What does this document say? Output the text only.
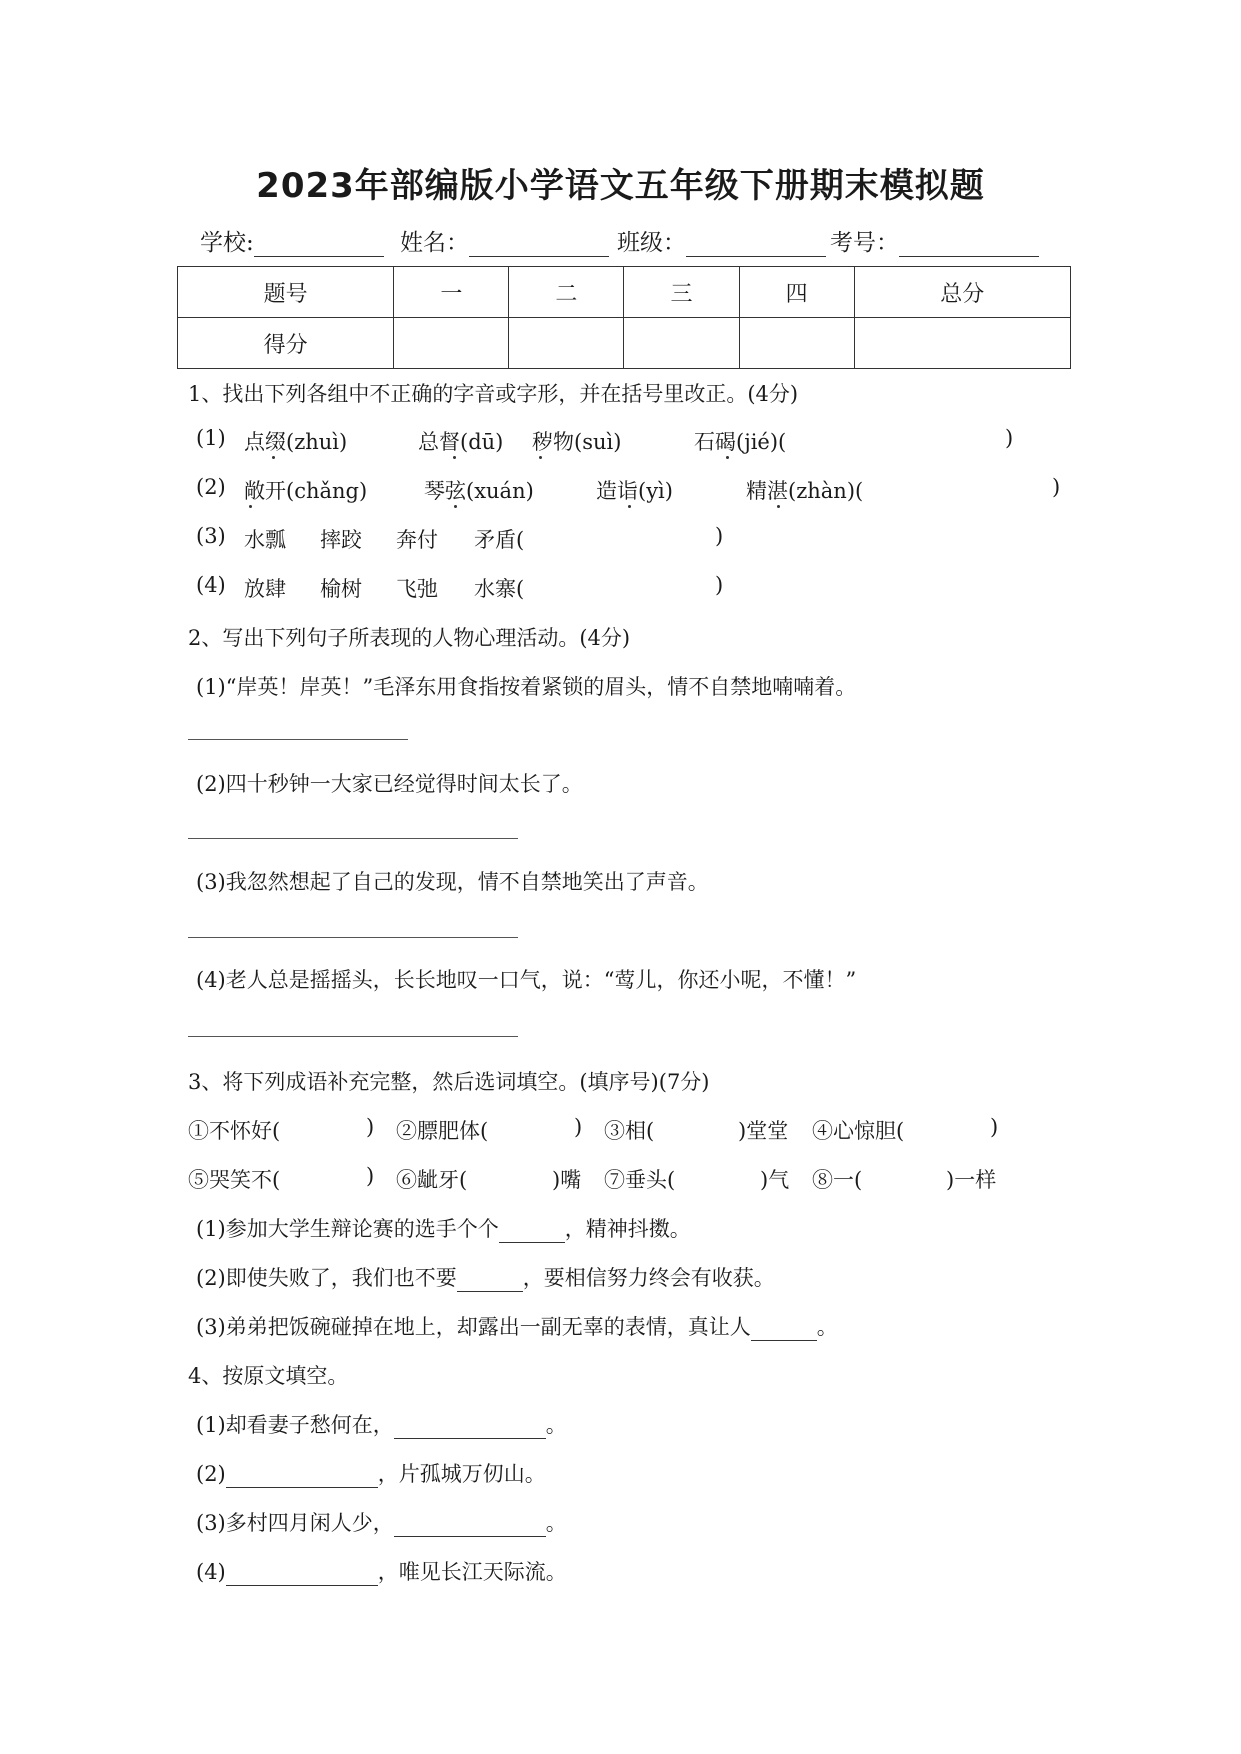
2023年部编版小学语文五年级下册期末模拟题
学校:	姓名：	班级：	考号：
题号	一	二	三	四	总分
得分					
1、找出下列各组中不正确的字音或字形，并在括号里改正。(4分)
(1) 点缀(zhuì)	总督(dū) 秽物(suì)	石碣(jié)(	)
(2) 敞开(chǎng)	琴弦(xuán)	造诣(yì)	精湛(zhàn)(	)
(3) 水瓢 摔跤 奔付 矛盾(	)
(4) 放肆 榆树 飞弛 水寨(	)
2、写出下列句子所表现的人物心理活动。(4分)
(1)“岸英！岸英！”毛泽东用食指按着紧锁的眉头，情不自禁地喃喃着。
(2)四十秒钟一大家已经觉得时间太长了。
(3)我忽然想起了自己的发现，情不自禁地笑出了声音。
(4)老人总是摇摇头，长长地叹一口气，说：“莺儿，你还小呢，不懂！”
3、将下列成语补充完整，然后选词填空。(填序号)(7分)
①不怀好(	) ②膘肥体(	) ③相(	)堂堂 ④心惊胆(	)
⑤哭笑不(	) ⑥龇牙(	)嘴 ⑦垂头(	)气 ⑧一(	)一样
(1)参加大学生辩论赛的选手个个	，精神抖擞。
(2)即使失败了，我们也不要	，要相信努力终会有收获。
(3)弟弟把饭碗碰掉在地上，却露出一副无辜的表情，真让人	。
4、按原文填空。
(1)却看妻子愁何在，	。
(2)	，片孤城万仞山。
(3)多村四月闲人少，	。
(4)	，唯见长江天际流。
